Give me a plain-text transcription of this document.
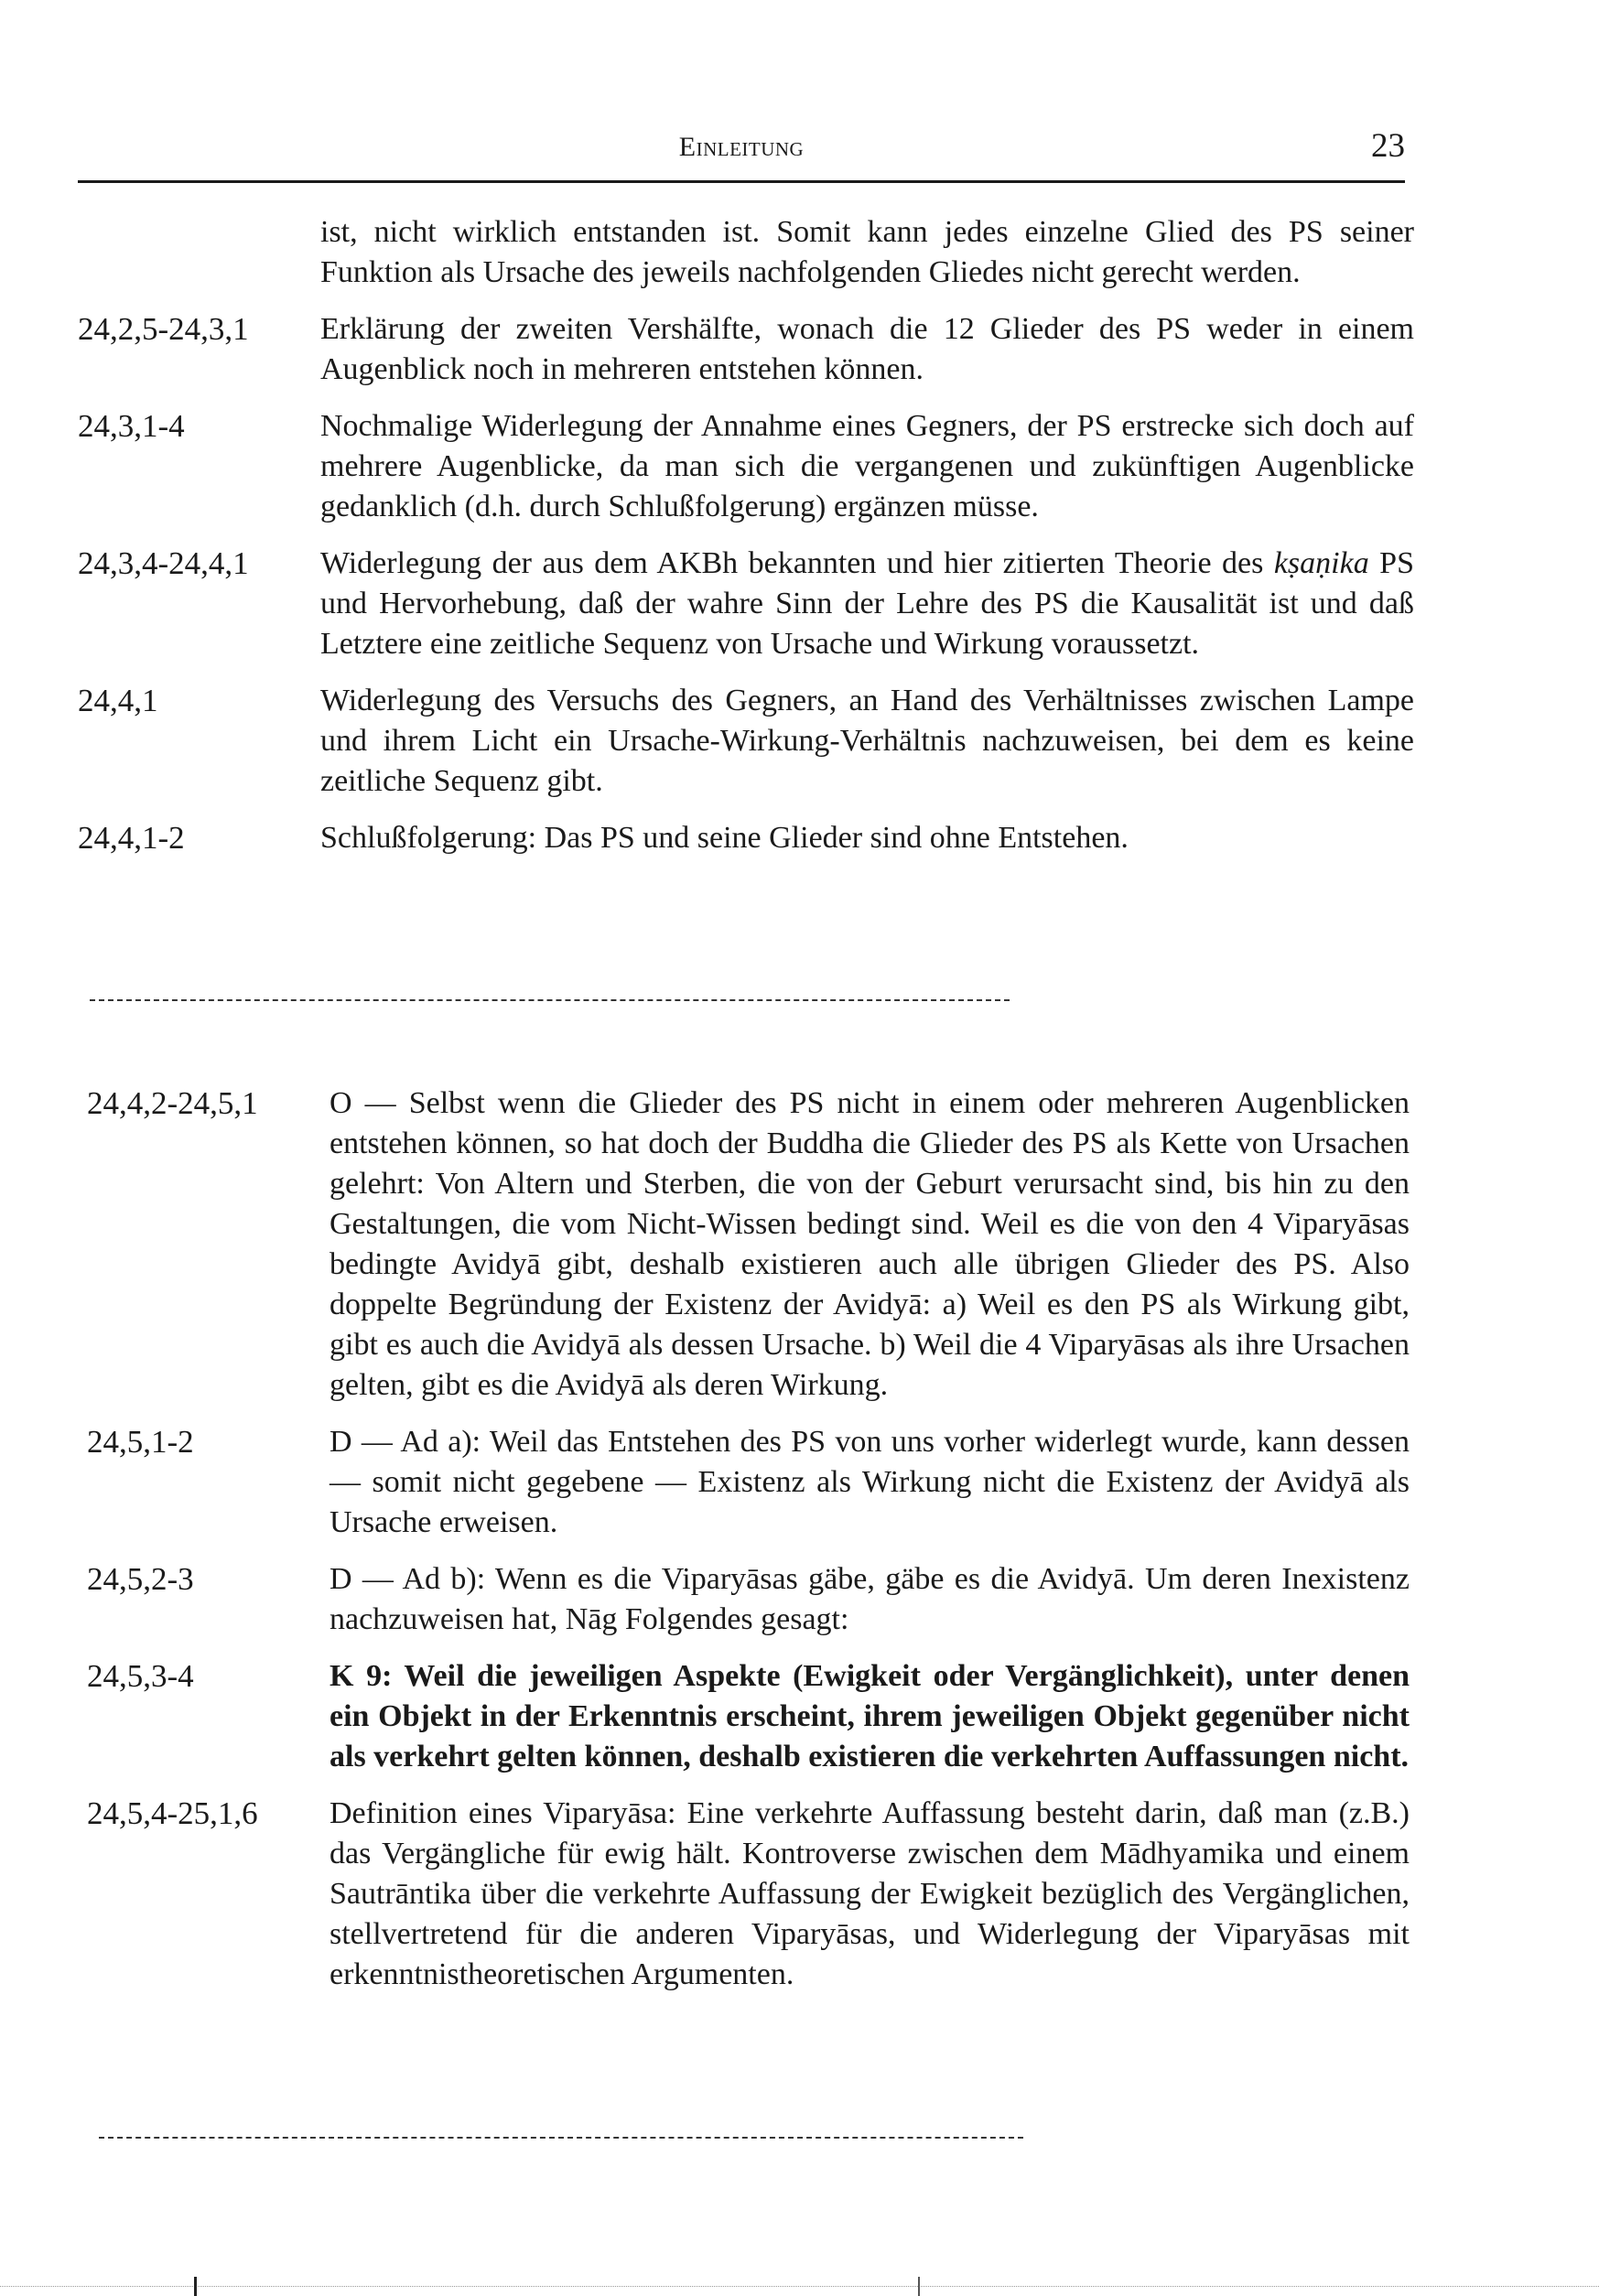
Einleitung	23
ist, nicht wirklich entstanden ist. Somit kann jedes einzelne Glied des PS seiner Funktion als Ursache des jeweils nachfolgenden Gliedes nicht gerecht werden.
24,2,5-24,3,1	Erklärung der zweiten Vershälfte, wonach die 12 Glieder des PS weder in einem Augenblick noch in mehreren entstehen können.
24,3,1-4	Nochmalige Widerlegung der Annahme eines Gegners, der PS erstrecke sich doch auf mehrere Augenblicke, da man sich die vergangenen und zukünftigen Augenblicke gedanklich (d.h. durch Schlußfolgerung) ergänzen müsse.
24,3,4-24,4,1	Widerlegung der aus dem AKBh bekannten und hier zitierten Theorie des kṣaṇika PS und Hervorhebung, daß der wahre Sinn der Lehre des PS die Kausalität ist und daß Letztere eine zeitliche Sequenz von Ursache und Wirkung voraussetzt.
24,4,1	Widerlegung des Versuchs des Gegners, an Hand des Verhältnisses zwischen Lampe und ihrem Licht ein Ursache-Wirkung-Verhältnis nachzuweisen, bei dem es keine zeitliche Sequenz gibt.
24,4,1-2	Schlußfolgerung: Das PS und seine Glieder sind ohne Entstehen.
24,4,2-24,5,1	O — Selbst wenn die Glieder des PS nicht in einem oder mehreren Augenblicken entstehen können, so hat doch der Buddha die Glieder des PS als Kette von Ursachen gelehrt: Von Altern und Sterben, die von der Geburt verursacht sind, bis hin zu den Gestaltungen, die vom Nicht-Wissen bedingt sind. Weil es die von den 4 Viparyāsas bedingte Avidyā gibt, deshalb existieren auch alle übrigen Glieder des PS. Also doppelte Begründung der Existenz der Avidyā: a) Weil es den PS als Wirkung gibt, gibt es auch die Avidyā als dessen Ursache. b) Weil die 4 Viparyāsas als ihre Ursachen gelten, gibt es die Avidyā als deren Wirkung.
24,5,1-2	D — Ad a): Weil das Entstehen des PS von uns vorher widerlegt wurde, kann dessen — somit nicht gegebene — Existenz als Wirkung nicht die Existenz der Avidyā als Ursache erweisen.
24,5,2-3	D — Ad b): Wenn es die Viparyāsas gäbe, gäbe es die Avidyā. Um deren Inexistenz nachzuweisen hat, Nāg Folgendes gesagt:
24,5,3-4	K 9: Weil die jeweiligen Aspekte (Ewigkeit oder Vergänglichkeit), unter denen ein Objekt in der Erkenntnis erscheint, ihrem jeweiligen Objekt gegenüber nicht als verkehrt gelten können, deshalb existieren die verkehrten Auffassungen nicht.
24,5,4-25,1,6	Definition eines Viparyāsa: Eine verkehrte Auffassung besteht darin, daß man (z.B.) das Vergängliche für ewig hält. Kontroverse zwischen dem Mādhyamika und einem Sautrāntika über die verkehrte Auffassung der Ewigkeit bezüglich des Vergänglichen, stellvertretend für die anderen Viparyāsas, und Widerlegung der Viparyāsas mit erkenntnistheoretischen Argumenten.
